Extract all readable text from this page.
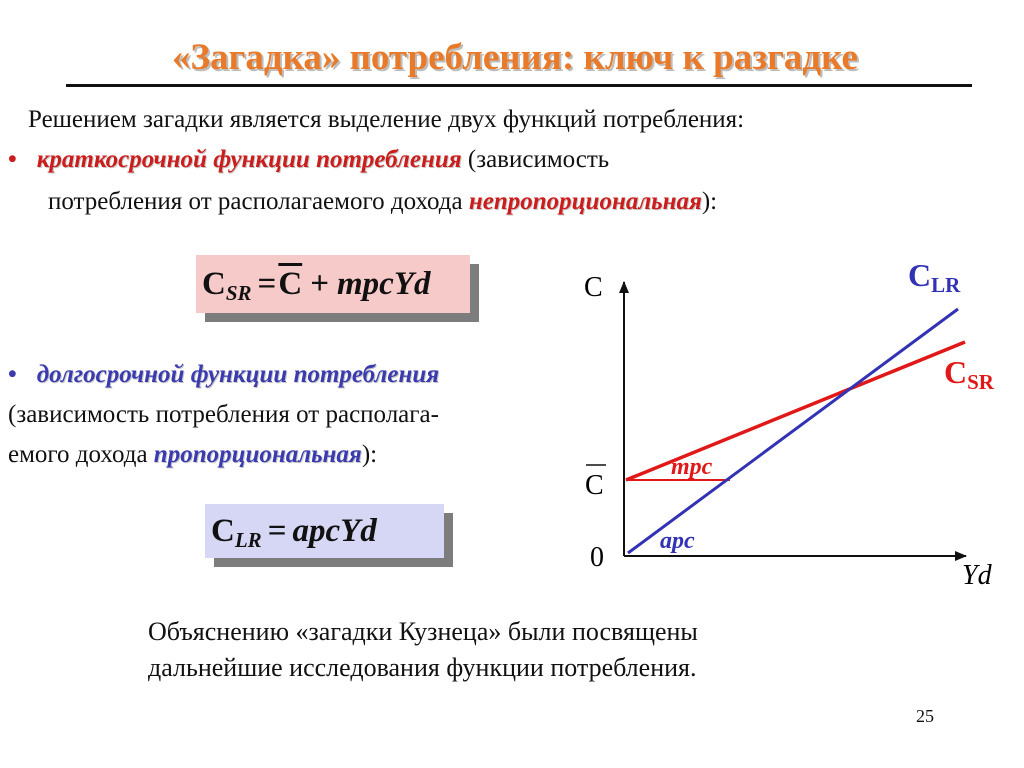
«Загадка» потребления: ключ к разгадке
Решением загадки является выделение двух функций потребления:
• краткосрочной функции потребления (зависимость
потребления от располагаемого дохода непропорциональная):
C SR = $\overline{C}$ + mpcYd
• долгосрочной функции потребления
(зависимость потребления от располага-
емого дохода пропорциональная):
C LR = apcYd
C
Yd
0
C
CLR
CSR
mpc
apc
Объяснению «загадки Кузнеца» были посвящены
дальнейшие исследования функции потребления.
25
